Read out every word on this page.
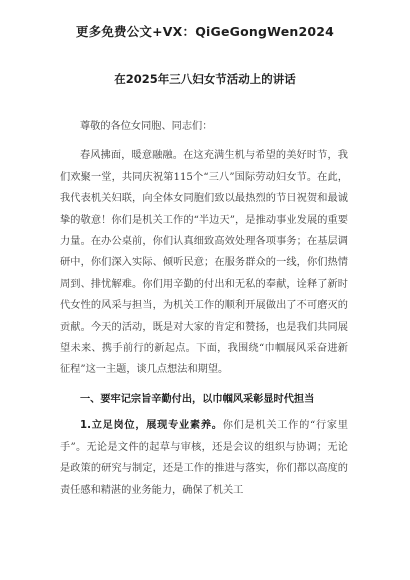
更多免费公文+VX：QiGeGongWen2024
在2025年三八妇女节活动上的讲话

尊敬的各位女同胞、同志们：

春风拂面，暖意融融。在这充满生机与希望的美好时节，我们欢聚一堂，共同庆祝第115个“三八”国际劳动妇女节。在此，我代表机关妇联，向全体女同胞们致以最热烈的节日祝贺和最诚挚的敬意！你们是机关工作的“半边天”，是推动事业发展的重要力量。在办公桌前，你们认真细致高效处理各项事务；在基层调研中，你们深入实际、倾听民意；在服务群众的一线，你们热情周到、排忧解难。你们用辛勤的付出和无私的奉献，诠释了新时代女性的风采与担当，为机关工作的顺利开展做出了不可磨灭的贡献。今天的活动，既是对大家的肯定和赞扬，也是我们共同展望未来、携手前行的新起点。下面，我围绕“巾帼展风采奋进新征程”这一主题，谈几点想法和期望。

一、要牢记宗旨辛勤付出，以巾帼风采彰显时代担当

1.立足岗位，展现专业素养。你们是机关工作的“行家里手”。无论是文件的起草与审核，还是会议的组织与协调；无论是政策的研究与制定，还是工作的推进与落实，你们都以高度的责任感和精湛的业务能力，确保了机关工
